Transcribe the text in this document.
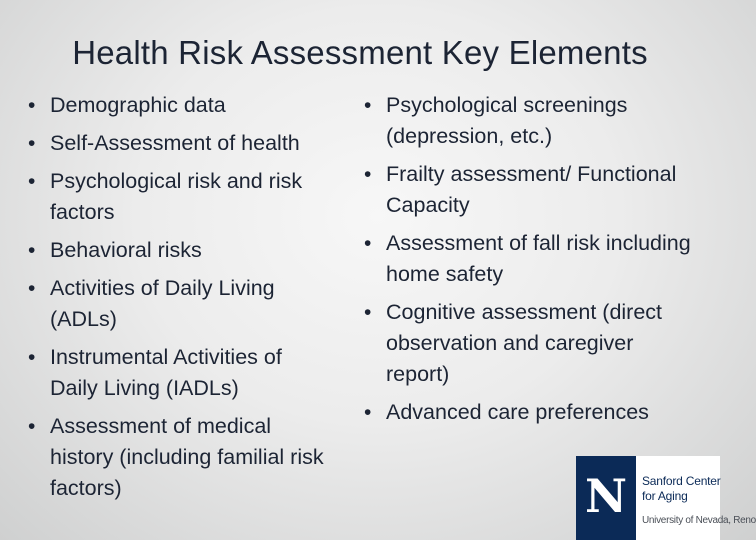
Health Risk Assessment Key Elements
• Demographic data
• Self-Assessment of health
• Psychological risk and risk factors
• Behavioral risks
• Activities of Daily Living (ADLs)
• Instrumental Activities of Daily Living (IADLs)
• Assessment of medical history (including familial risk factors)
• Psychological screenings (depression, etc.)
• Frailty assessment/ Functional Capacity
• Assessment of fall risk including home safety
• Cognitive assessment (direct observation and caregiver report)
• Advanced care preferences
N	Sanford Center
for Aging
University of Nevada, Reno
